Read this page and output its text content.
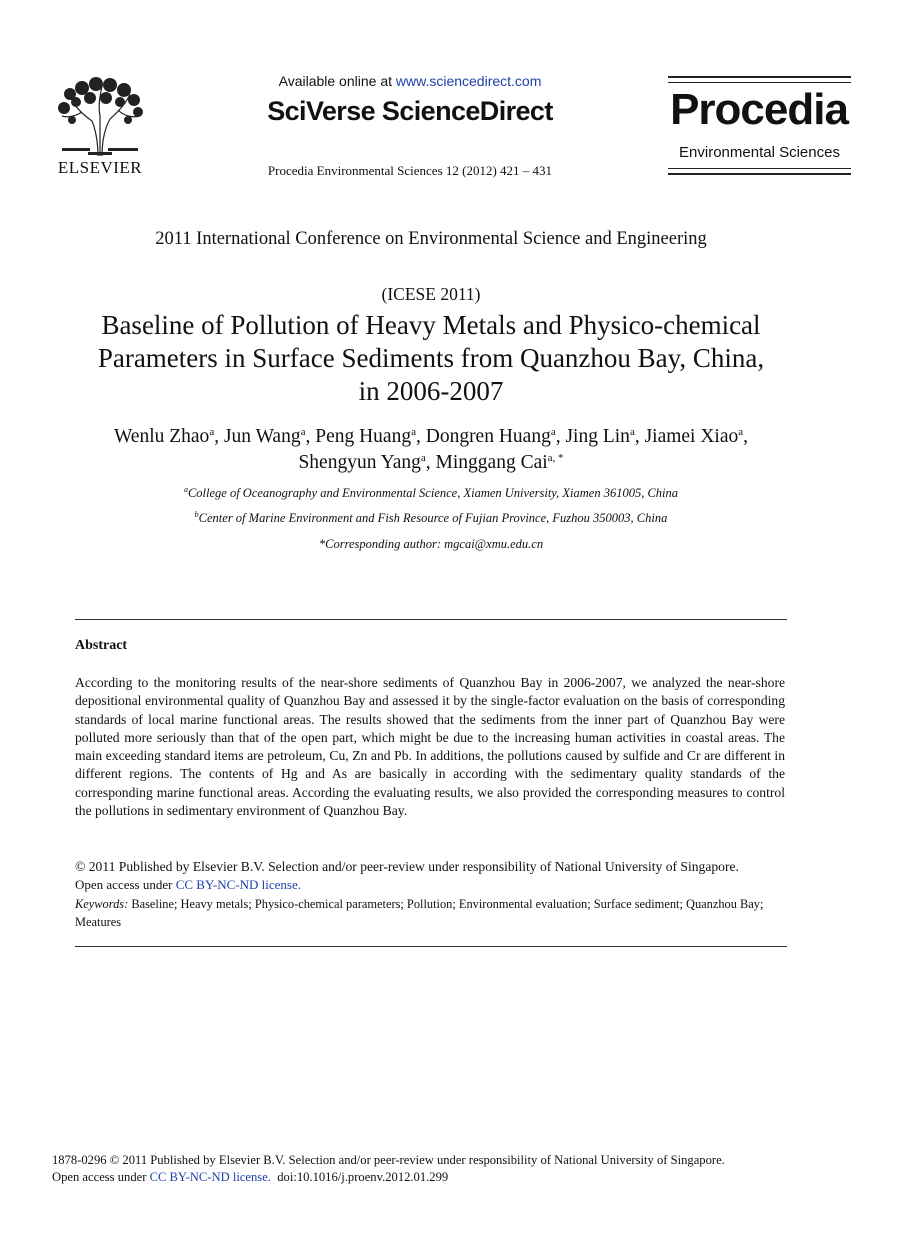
ELSEVIER
Available online at www.sciencedirect.com
SciVerse ScienceDirect
Procedia Environmental Sciences 12 (2012) 421 – 431
Procedia
Environmental Sciences
2011 International Conference on Environmental Science and Engineering
(ICESE 2011)
Baseline of Pollution of Heavy Metals and Physico-chemical
Parameters in Surface Sediments from Quanzhou Bay, China,
in 2006-2007
Wenlu Zhao$^a$, Jun Wang$^a$, Peng Huang$^a$, Dongren Huang$^a$, Jing Lin$^a$, Jiamei Xiao$^a$,
Shengyun Yang$^a$, Minggang Cai$^{a, *}$
$^a$College of Oceanography and Environmental Science, Xiamen University, Xiamen 361005, China
$^b$Center of Marine Environment and Fish Resource of Fujian Province, Fuzhou 350003, China
*Corresponding author: mgcai@xmu.edu.cn
Abstract
According to the monitoring results of the near-shore sediments of Quanzhou Bay in 2006-2007, we analyzed the near-shore depositional environmental quality of Quanzhou Bay and assessed it by the single-factor evaluation on the basis of corresponding standards of local marine functional areas. The results showed that the sediments from the inner part of Quanzhou Bay were polluted more seriously than that of the open part, which might be due to the increasing human activities in coastal areas. The main exceeding standard items are petroleum, Cu, Zn and Pb. In additions, the pollutions caused by sulfide and Cr are different in different regions. The contents of Hg and As are basically in according with the sedimentary quality standards of the corresponding marine functional areas. According the evaluating results, we also provided the corresponding measures to control the pollutions in sedimentary environment of Quanzhou Bay.
© 2011 Published by Elsevier B.V. Selection and/or peer-review under responsibility of National University of Singapore.
Open access under CC BY-NC-ND license.
Keywords: Baseline; Heavy metals; Physico-chemical parameters; Pollution; Environmental evaluation; Surface sediment; Quanzhou Bay; Meatures
1878-0296 © 2011 Published by Elsevier B.V. Selection and/or peer-review under responsibility of National University of Singapore.
Open access under CC BY-NC-ND license.  doi:10.1016/j.proenv.2012.01.299
